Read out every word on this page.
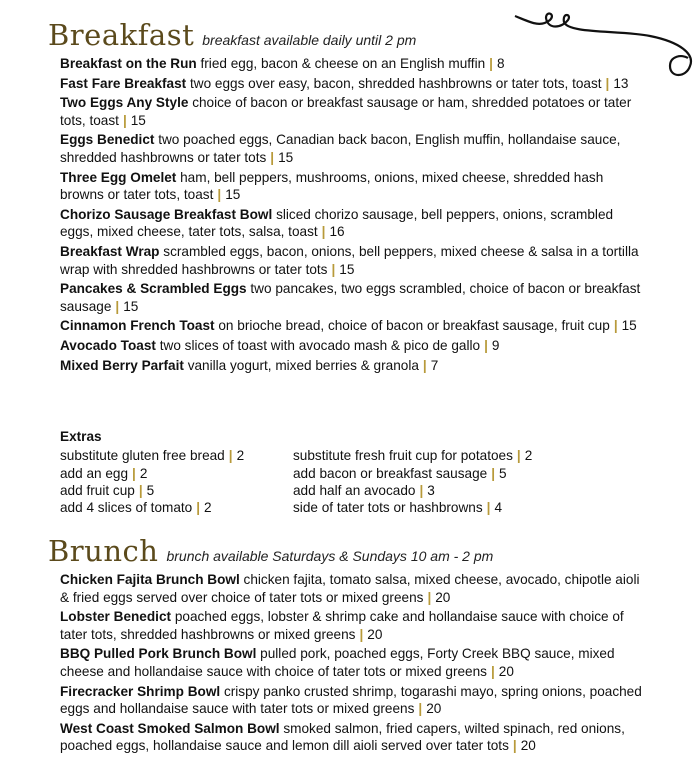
Breakfast breakfast available daily until 2 pm
Breakfast on the Run fried egg, bacon & cheese on an English muffin | 8
Fast Fare Breakfast two eggs over easy, bacon, shredded hashbrowns or tater tots, toast | 13
Two Eggs Any Style choice of bacon or breakfast sausage or ham, shredded potatoes or tater tots, toast | 15
Eggs Benedict two poached eggs, Canadian back bacon, English muffin, hollandaise sauce, shredded hashbrowns or tater tots | 15
Three Egg Omelet ham, bell peppers, mushrooms, onions, mixed cheese, shredded hash browns or tater tots, toast | 15
Chorizo Sausage Breakfast Bowl sliced chorizo sausage, bell peppers, onions, scrambled eggs, mixed cheese, tater tots, salsa, toast | 16
Breakfast Wrap scrambled eggs, bacon, onions, bell peppers, mixed cheese & salsa in a tortilla wrap with shredded hashbrowns or tater tots | 15
Pancakes & Scrambled Eggs two pancakes, two eggs scrambled, choice of bacon or breakfast sausage | 15
Cinnamon French Toast on brioche bread, choice of bacon or breakfast sausage, fruit cup | 15
Avocado Toast two slices of toast with avocado mash & pico de gallo | 9
Mixed Berry Parfait vanilla yogurt, mixed berries & granola | 7
Extras
substitute gluten free bread | 2	substitute fresh fruit cup for potatoes | 2
add an egg | 2	add bacon or breakfast sausage | 5
add fruit cup | 5	add half an avocado | 3
add 4 slices of tomato | 2	side of tater tots or hashbrowns | 4
Brunch brunch available Saturdays & Sundays 10 am - 2 pm
Chicken Fajita Brunch Bowl chicken fajita, tomato salsa, mixed cheese, avocado, chipotle aioli & fried eggs served over choice of tater tots or mixed greens | 20
Lobster Benedict poached eggs, lobster & shrimp cake and hollandaise sauce with choice of tater tots, shredded hashbrowns or mixed greens | 20
BBQ Pulled Pork Brunch Bowl pulled pork, poached eggs, Forty Creek BBQ sauce, mixed cheese and hollandaise sauce with choice of tater tots or mixed greens | 20
Firecracker Shrimp Bowl crispy panko crusted shrimp, togarashi mayo, spring onions, poached eggs and hollandaise sauce with tater tots or mixed greens | 20
West Coast Smoked Salmon Bowl smoked salmon, fried capers, wilted spinach, red onions, poached eggs, hollandaise sauce and lemon dill aioli served over tater tots | 20
